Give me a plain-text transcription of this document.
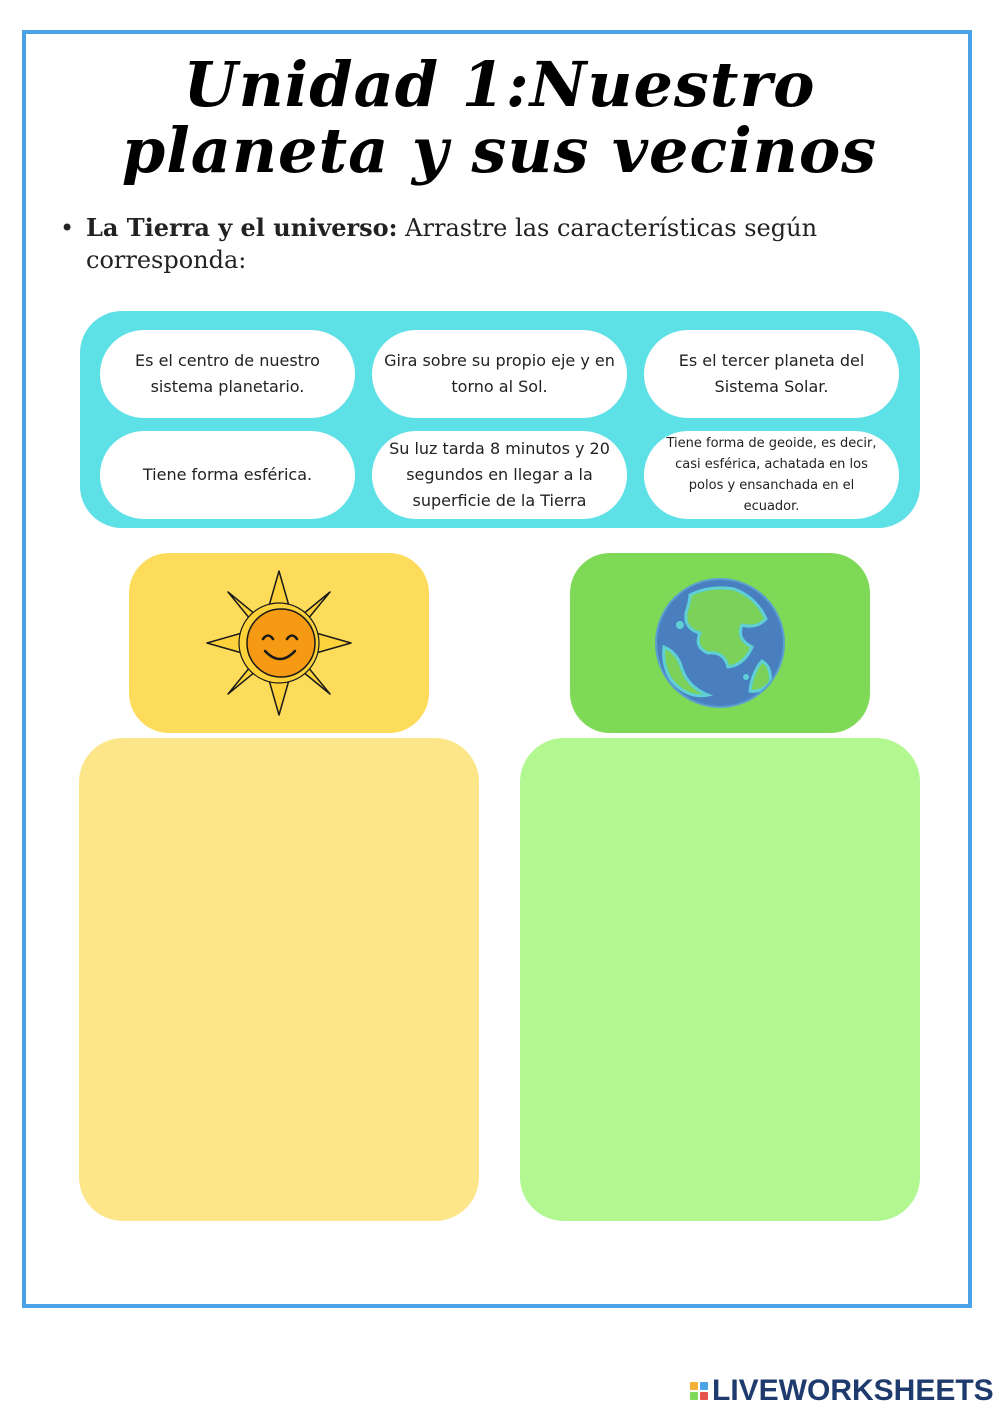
Unidad 1:Nuestro
planeta y sus vecinos
• La Tierra y el universo: Arrastre las características según corresponda:
Es el centro de nuestro sistema planetario.
Gira sobre su propio eje y en torno al Sol.
Es el tercer planeta del Sistema Solar.
Tiene forma esférica.
Su luz tarda 8 minutos y 20 segundos en llegar a la superficie de la Tierra
Tiene forma de geoide, es decir, casi esférica, achatada en los polos y ensanchada en el ecuador.
LIVEWORKSHEETS
